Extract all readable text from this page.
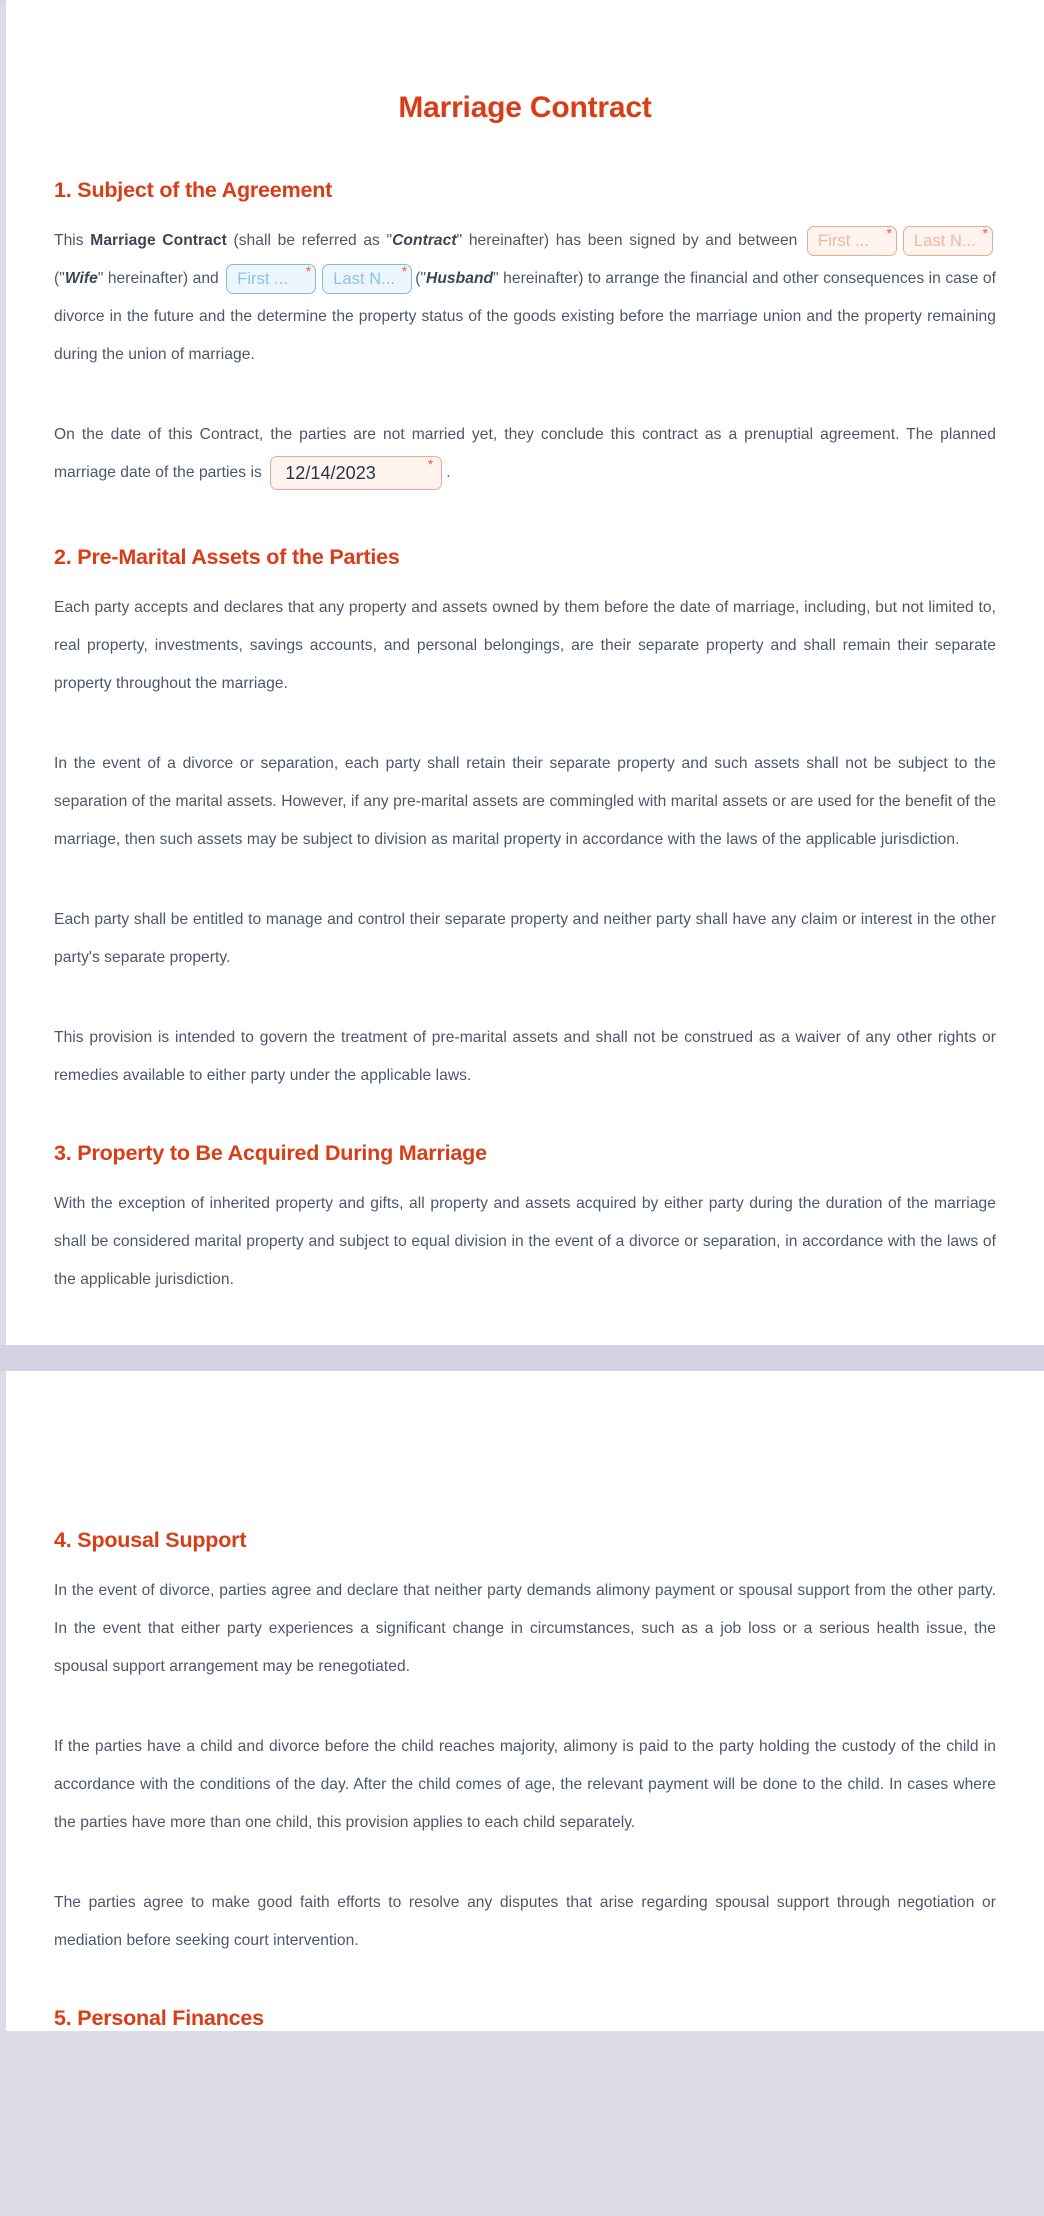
Marriage Contract
1. Subject of the Agreement

This Marriage Contract (shall be referred as "Contract" hereinafter) has been signed by and between First ... * Last N... *
("Wife" hereinafter) and First ... * Last N... * ("Husband" hereinafter) to arrange the financial and other consequences in case of divorce in the future and the determine the property status of the goods existing before the marriage union and the property remaining during the union of marriage.

On the date of this Contract, the parties are not married yet, they conclude this contract as a prenuptial agreement. The planned marriage date of the parties is 12/14/2023	*
.

2. Pre-Marital Assets of the Parties

Each party accepts and declares that any property and assets owned by them before the date of marriage, including, but not limited to, real property, investments, savings accounts, and personal belongings, are their separate property and shall remain their separate property throughout the marriage.

In the event of a divorce or separation, each party shall retain their separate property and such assets shall not be subject to the separation of the marital assets. However, if any pre-marital assets are commingled with marital assets or are used for the benefit of the marriage, then such assets may be subject to division as marital property in accordance with the laws of the applicable jurisdiction.

Each party shall be entitled to manage and control their separate property and neither party shall have any claim or interest in the other party's separate property.

This provision is intended to govern the treatment of pre-marital assets and shall not be construed as a waiver of any other rights or remedies available to either party under the applicable laws.

3. Property to Be Acquired During Marriage

With the exception of inherited property and gifts, all property and assets acquired by either party during the duration of the marriage shall be considered marital property and subject to equal division in the event of a divorce or separation, in accordance with the laws of the applicable jurisdiction.

4. Spousal Support

In the event of divorce, parties agree and declare that neither party demands alimony payment or spousal support from the other party. In the event that either party experiences a significant change in circumstances, such as a job loss or a serious health issue, the spousal support arrangement may be renegotiated.

If the parties have a child and divorce before the child reaches majority, alimony is paid to the party holding the custody of the child in accordance with the conditions of the day. After the child comes of age, the relevant payment will be done to the child. In cases where the parties have more than one child, this provision applies to each child separately.

The parties agree to make good faith efforts to resolve any disputes that arise regarding spousal support through negotiation or mediation before seeking court intervention.

5. Personal Finances
